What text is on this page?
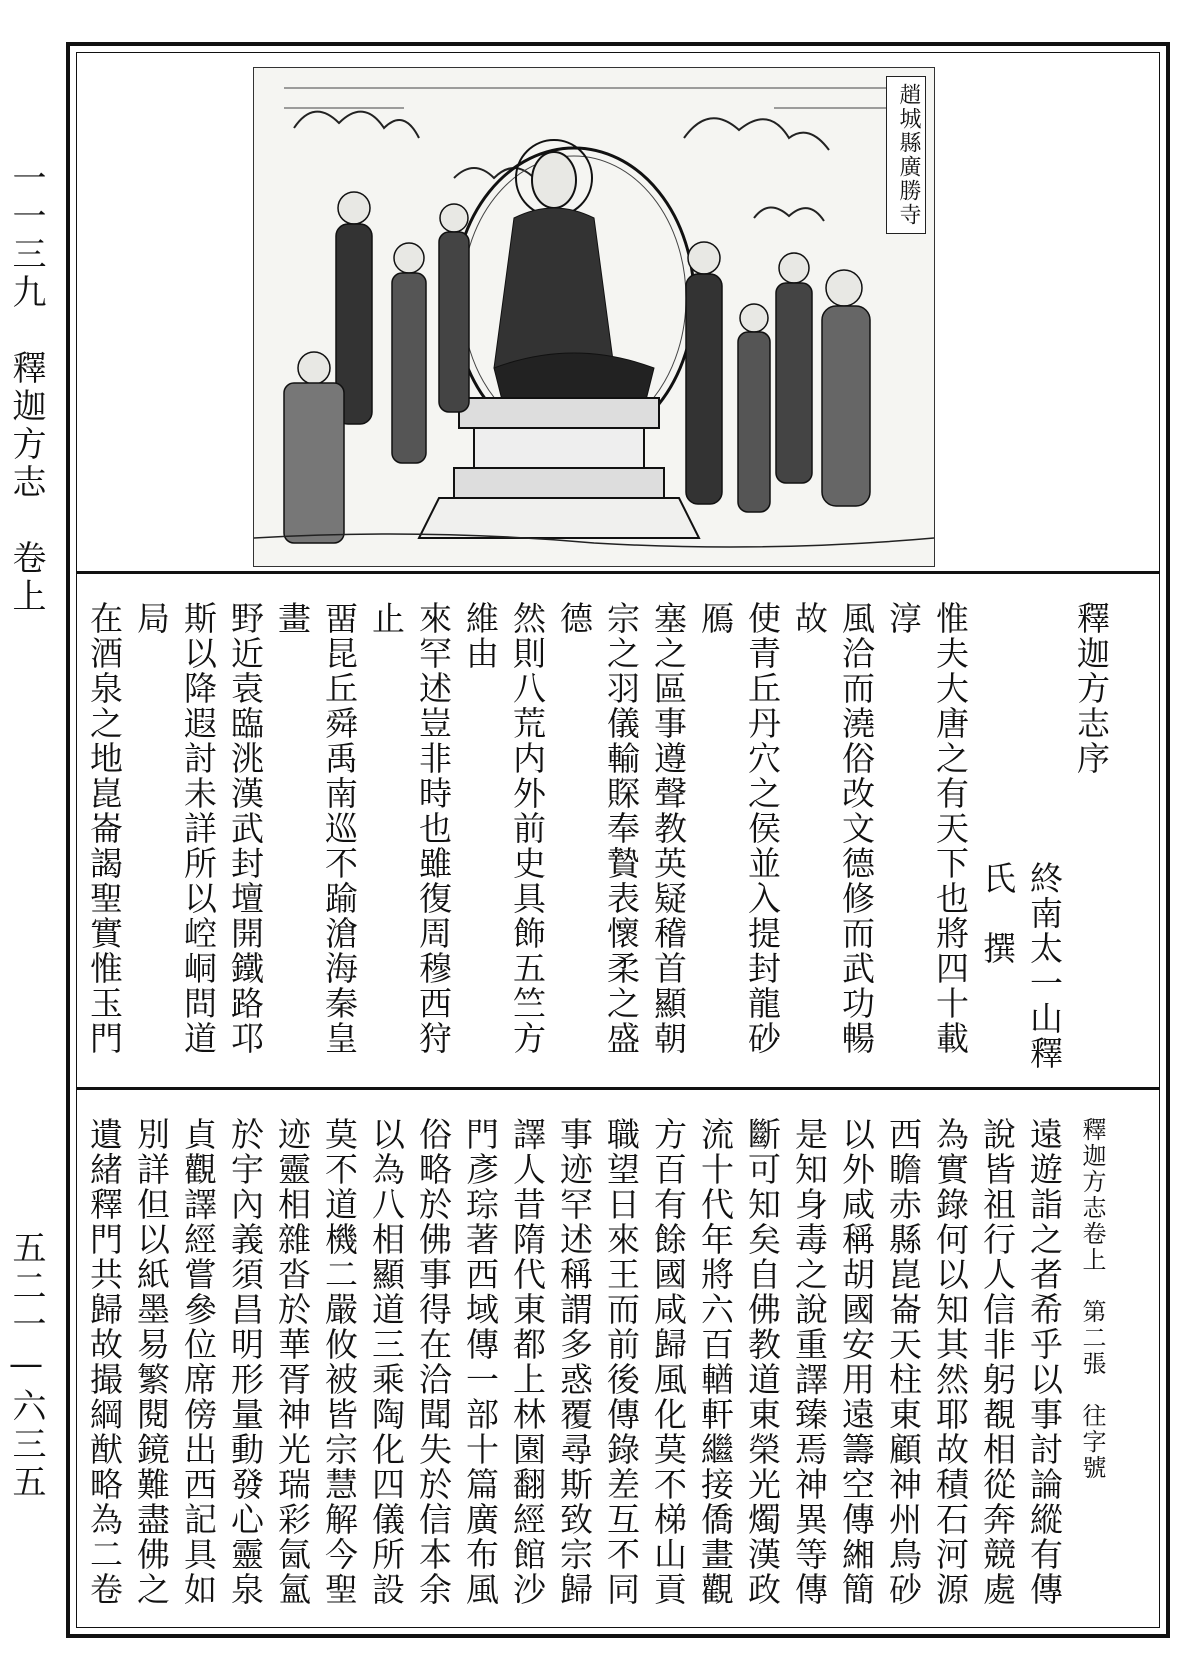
一一三九　釋迦方志　卷上
五二一—六三五
趙城縣廣勝寺

釋迦方志序

終南太一山釋氏　撰

惟夫大唐之有天下也將四十載淳

風洽而澆俗改文德修而武功暢故

使青丘丹穴之侯並入提封龍砂鴈

塞之區事遵聲教英疑稽首顯朝

宗之羽儀輸賝奉贄表懷柔之盛德

然則八荒内外前史具飾五竺方維由

來罕述豈非時也雖復周穆西狩止

畱昆丘舜禹南巡不踰滄海秦皇畫

野近袁臨洮漢武封壇開鐵路邛

斯以降遐討未詳所以崆峒問道局

在酒泉之地崑崙謁聖實惟玉門

釋迦方志卷上　第二張　往字號

遠遊詣之者希乎以事討論縱有傳

說皆祖行人信非躬覩相從奔競處

為實錄何以知其然耶故積石河源

西瞻赤縣崑崙天柱東顧神州鳥砂

以外咸稱胡國安用遠籌空傳緗簡

是知身毒之說重譯臻焉神異等傳

斷可知矣自佛教道東榮光燭漢政

流十代年將六百輶軒繼接僑畫觀

方百有餘國咸歸風化莫不梯山貢

職望日來王而前後傳錄差互不同

事迹罕述稱謂多惑覆尋斯致宗歸

譯人昔隋代東都上林園翻經館沙

門彥琮著西域傳一部十篇廣布風

俗略於佛事得在洽聞失於信本余

以為八相顯道三乘陶化四儀所設

莫不道機二嚴攸被皆宗慧解今聖

迹靈相雜沓於華胥神光瑞彩氤氳

於宇內義須昌明形量動發心靈泉

貞觀譯經嘗參位席傍出西記具如

別詳但以紙墨易繁閱鏡難盡佛之

遺緒釋門共歸故撮綱猷略為二卷
